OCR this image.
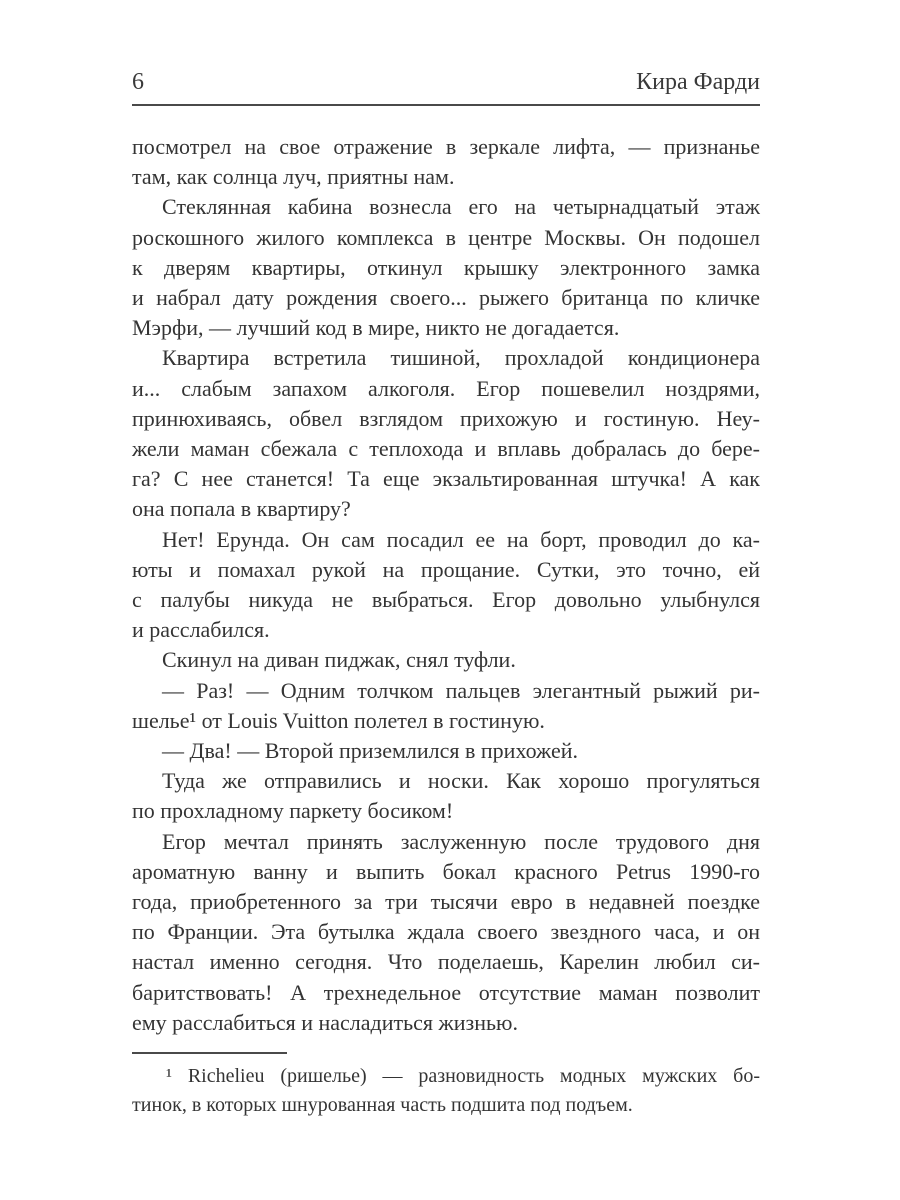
6	Кира Фарди
посмотрел на свое отражение в зеркале лифта, — признанье
там, как солнца луч, приятны нам.
Стеклянная кабина вознесла его на четырнадцатый этаж
роскошного жилого комплекса в центре Москвы. Он подошел
к дверям квартиры, откинул крышку электронного замка
и набрал дату рождения своего... рыжего британца по кличке
Мэрфи, — лучший код в мире, никто не догадается.
Квартира встретила тишиной, прохладой кондиционера
и... слабым запахом алкоголя. Егор пошевелил ноздрями,
принюхиваясь, обвел взглядом прихожую и гостиную. Неу-
жели маман сбежала с теплохода и вплавь добралась до бере-
га? С нее станется! Та еще экзальтированная штучка! А как
она попала в квартиру?
Нет! Ерунда. Он сам посадил ее на борт, проводил до ка-
юты и помахал рукой на прощание. Сутки, это точно, ей
с палубы никуда не выбраться. Егор довольно улыбнулся
и расслабился.
Скинул на диван пиджак, снял туфли.
— Раз! — Одним толчком пальцев элегантный рыжий ри-
шелье¹ от Louis Vuitton полетел в гостиную.
— Два! — Второй приземлился в прихожей.
Туда же отправились и носки. Как хорошо прогуляться
по прохладному паркету босиком!
Егор мечтал принять заслуженную после трудового дня
ароматную ванну и выпить бокал красного Petrus 1990-го
года, приобретенного за три тысячи евро в недавней поездке
по Франции. Эта бутылка ждала своего звездного часа, и он
настал именно сегодня. Что поделаешь, Карелин любил си-
баритствовать! А трехнедельное отсутствие маман позволит
ему расслабиться и насладиться жизнью.
¹ Richelieu (ришелье) — разновидность модных мужских бо-
тинок, в которых шнурованная часть подшита под подъем.
